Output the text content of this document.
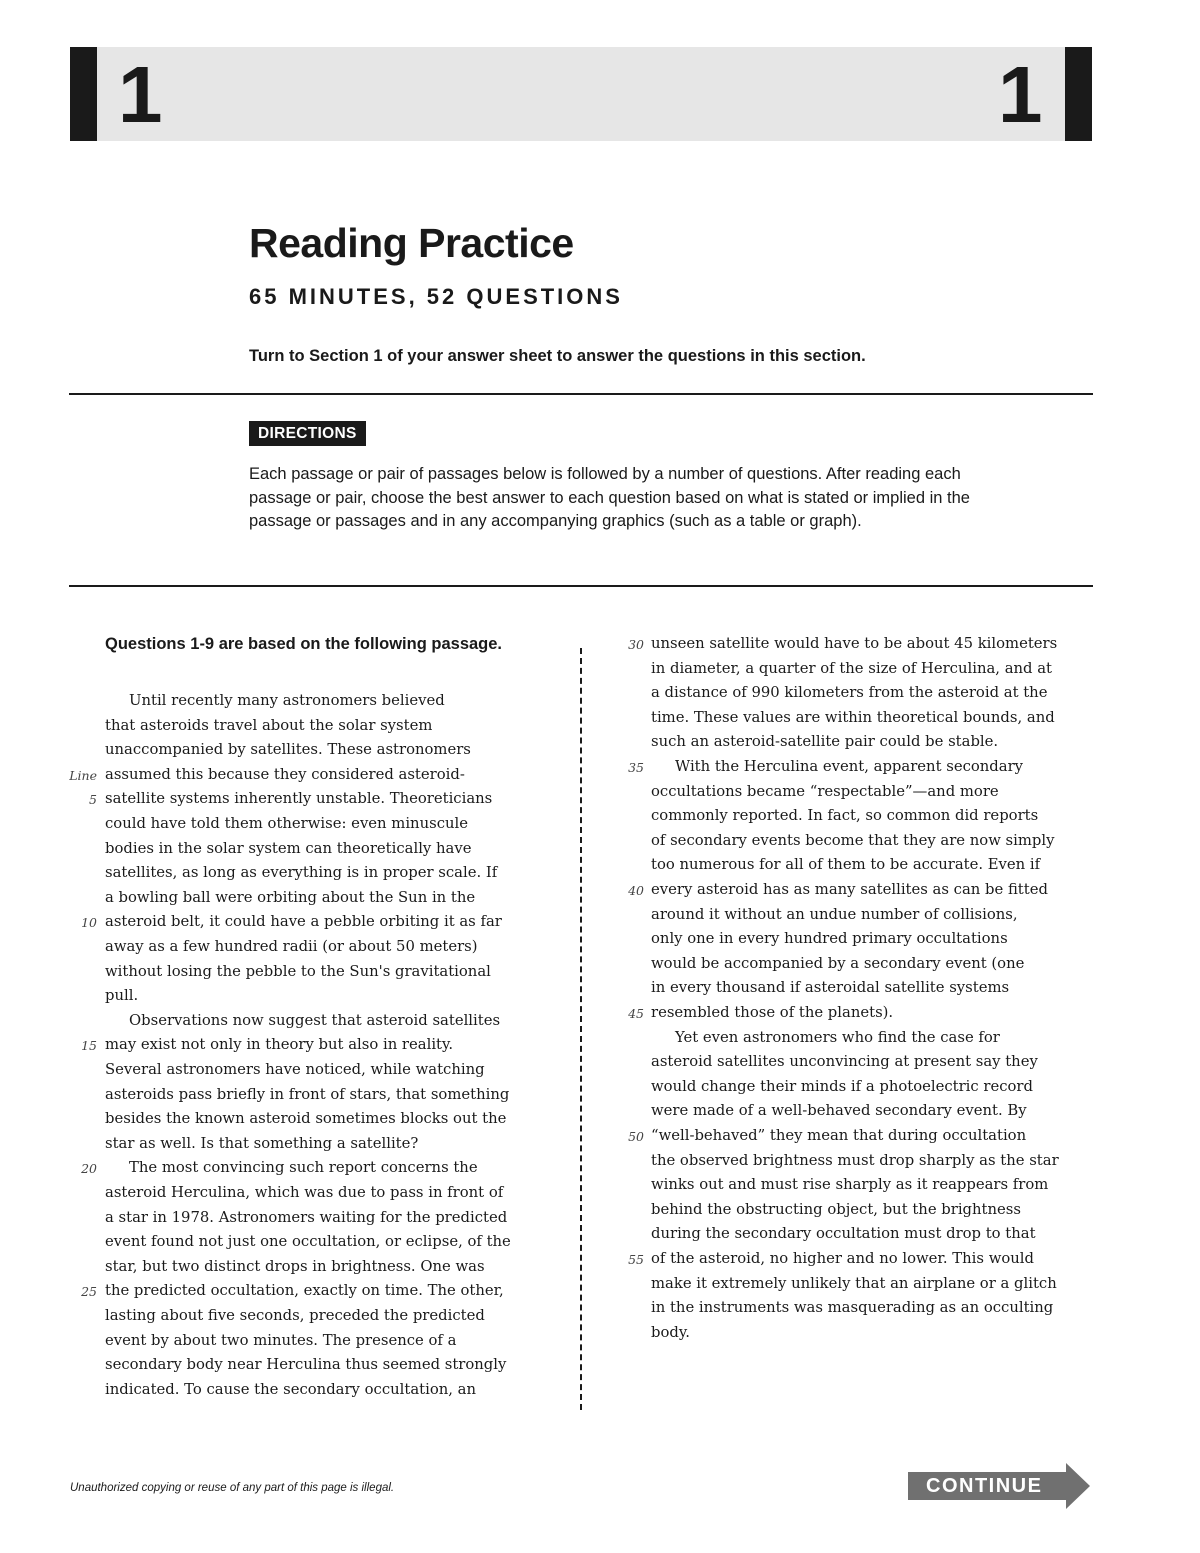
1	1
Reading Practice
65 MINUTES, 52 QUESTIONS
Turn to Section 1 of your answer sheet to answer the questions in this section.
DIRECTIONS
Each passage or pair of passages below is followed by a number of questions. After reading each passage or pair, choose the best answer to each question based on what is stated or implied in the passage or passages and in any accompanying graphics (such as a table or graph).
Questions 1-9 are based on the following passage.
Until recently many astronomers believed
that asteroids travel about the solar system
unaccompanied by satellites. These astronomers
assumed this because they considered asteroid-
Line
satellite systems inherently unstable. Theoreticians
5
could have told them otherwise: even minuscule
bodies in the solar system can theoretically have
satellites, as long as everything is in proper scale. If
a bowling ball were orbiting about the Sun in the
asteroid belt, it could have a pebble orbiting it as far
10
away as a few hundred radii (or about 50 meters)
without losing the pebble to the Sun's gravitational
pull.
Observations now suggest that asteroid satellites
may exist not only in theory but also in reality.
15
Several astronomers have noticed, while watching
asteroids pass briefly in front of stars, that something
besides the known asteroid sometimes blocks out the
star as well. Is that something a satellite?
The most convincing such report concerns the
20
asteroid Herculina, which was due to pass in front of
a star in 1978. Astronomers waiting for the predicted
event found not just one occultation, or eclipse, of the
star, but two distinct drops in brightness. One was
the predicted occultation, exactly on time. The other,
25
lasting about five seconds, preceded the predicted
event by about two minutes. The presence of a
secondary body near Herculina thus seemed strongly
indicated. To cause the secondary occultation, an
unseen satellite would have to be about 45 kilometers
30
in diameter, a quarter of the size of Herculina, and at
a distance of 990 kilometers from the asteroid at the
time. These values are within theoretical bounds, and
such an asteroid-satellite pair could be stable.
With the Herculina event, apparent secondary
35
occultations became “respectable”—and more
commonly reported. In fact, so common did reports
of secondary events become that they are now simply
too numerous for all of them to be accurate. Even if
every asteroid has as many satellites as can be fitted
40
around it without an undue number of collisions,
only one in every hundred primary occultations
would be accompanied by a secondary event (one
in every thousand if asteroidal satellite systems
resembled those of the planets).
45
Yet even astronomers who find the case for
asteroid satellites unconvincing at present say they
would change their minds if a photoelectric record
were made of a well-behaved secondary event. By
“well-behaved” they mean that during occultation
50
the observed brightness must drop sharply as the star
winks out and must rise sharply as it reappears from
behind the obstructing object, but the brightness
during the secondary occultation must drop to that
of the asteroid, no higher and no lower. This would
55
make it extremely unlikely that an airplane or a glitch
in the instruments was masquerading as an occulting
body.
Unauthorized copying or reuse of any part of this page is illegal.	CONTINUE
